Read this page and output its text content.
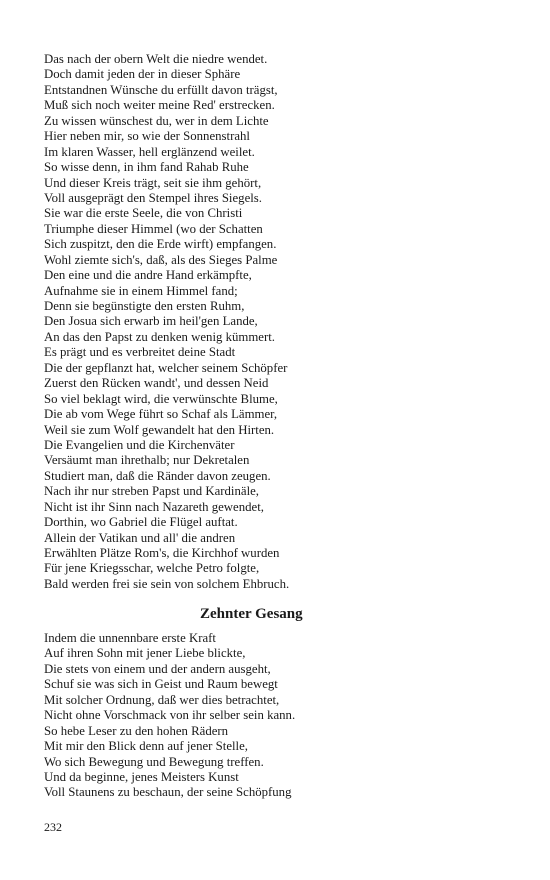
Das nach der obern Welt die niedre wendet.
Doch damit jeden der in dieser Sphäre
Entstandnen Wünsche du erfüllt davon trägst,
Muß sich noch weiter meine Red' erstrecken.
Zu wissen wünschest du, wer in dem Lichte
Hier neben mir, so wie der Sonnenstrahl
Im klaren Wasser, hell erglänzend weilet.
So wisse denn, in ihm fand Rahab Ruhe
Und dieser Kreis trägt, seit sie ihm gehört,
Voll ausgeprägt den Stempel ihres Siegels.
Sie war die erste Seele, die von Christi
Triumphe dieser Himmel (wo der Schatten
Sich zuspitzt, den die Erde wirft) empfangen.
Wohl ziemte sich's, daß, als des Sieges Palme
Den eine und die andre Hand erkämpfte,
Aufnahme sie in einem Himmel fand;
Denn sie begünstigte den ersten Ruhm,
Den Josua sich erwarb im heil'gen Lande,
An das den Papst zu denken wenig kümmert.
Es prägt und es verbreitet deine Stadt
Die der gepflanzt hat, welcher seinem Schöpfer
Zuerst den Rücken wandt', und dessen Neid
So viel beklagt wird, die verwünschte Blume,
Die ab vom Wege führt so Schaf als Lämmer,
Weil sie zum Wolf gewandelt hat den Hirten.
Die Evangelien und die Kirchenväter
Versäumt man ihrethalb; nur Dekretalen
Studiert man, daß die Ränder davon zeugen.
Nach ihr nur streben Papst und Kardinäle,
Nicht ist ihr Sinn nach Nazareth gewendet,
Dorthin, wo Gabriel die Flügel auftat.
Allein der Vatikan und all' die andren
Erwählten Plätze Rom's, die Kirchhof wurden
Für jene Kriegsschar, welche Petro folgte,
Bald werden frei sie sein von solchem Ehbruch.
Zehnter Gesang
Indem die unnennbare erste Kraft
Auf ihren Sohn mit jener Liebe blickte,
Die stets von einem und der andern ausgeht,
Schuf sie was sich in Geist und Raum bewegt
Mit solcher Ordnung, daß wer dies betrachtet,
Nicht ohne Vorschmack von ihr selber sein kann.
So hebe Leser zu den hohen Rädern
Mit mir den Blick denn auf jener Stelle,
Wo sich Bewegung und Bewegung treffen.
Und da beginne, jenes Meisters Kunst
Voll Staunens zu beschaun, der seine Schöpfung
232
